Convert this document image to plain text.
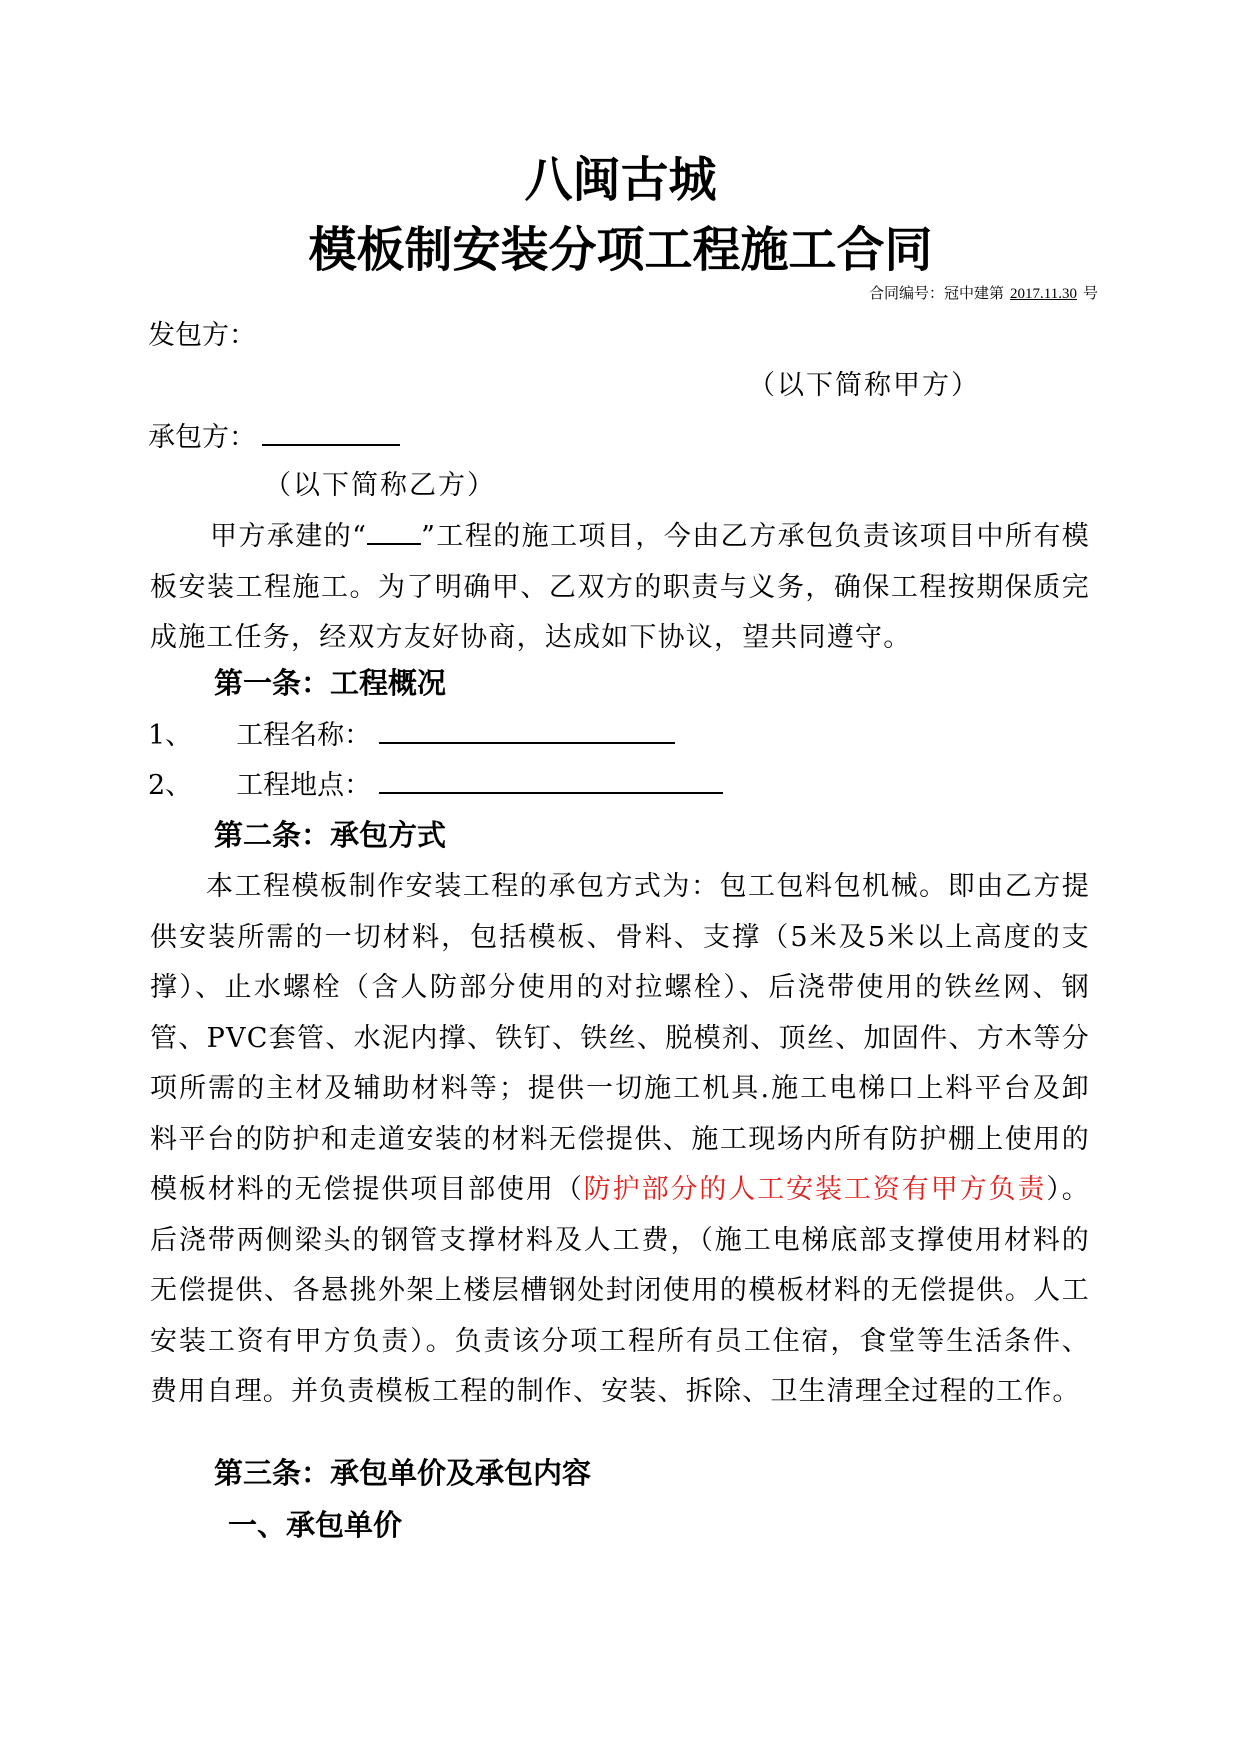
八闽古城
模板制安装分项工程施工合同
合同编号：冠中建第 2017.11.30 号
发包方：
（以下简称甲方）
承包方：
（以下简称乙方）
甲方承建的“ ”工程的施工项目，今由乙方承包负责该项目中所有模板安装工程施工。为了明确甲、乙双方的职责与义务，确保工程按期保质完成施工任务，经双方友好协商，达成如下协议，望共同遵守。
第一条：工程概况
1、 工程名称：
2、 工程地点：
第二条：承包方式
本工程模板制作安装工程的承包方式为：包工包料包机械。即由乙方提供安装所需的一切材料，包括模板、骨料、支撑（5米及5米以上高度的支撑）、止水螺栓（含人防部分使用的对拉螺栓）、后浇带使用的铁丝网、钢管、PVC套管、水泥内撑、铁钉、铁丝、脱模剂、顶丝、加固件、方木等分项所需的主材及辅助材料等；提供一切施工机具.施工电梯口上料平台及卸料平台的防护和走道安装的材料无偿提供、施工现场内所有防护棚上使用的模板材料的无偿提供项目部使用（防护部分的人工安装工资有甲方负责）。后浇带两侧梁头的钢管支撑材料及人工费，（施工电梯底部支撑使用材料的无偿提供、各悬挑外架上楼层槽钢处封闭使用的模板材料的无偿提供。人工安装工资有甲方负责）。负责该分项工程所有员工住宿，食堂等生活条件、费用自理。并负责模板工程的制作、安装、拆除、卫生清理全过程的工作。
第三条：承包单价及承包内容
一、承包单价
